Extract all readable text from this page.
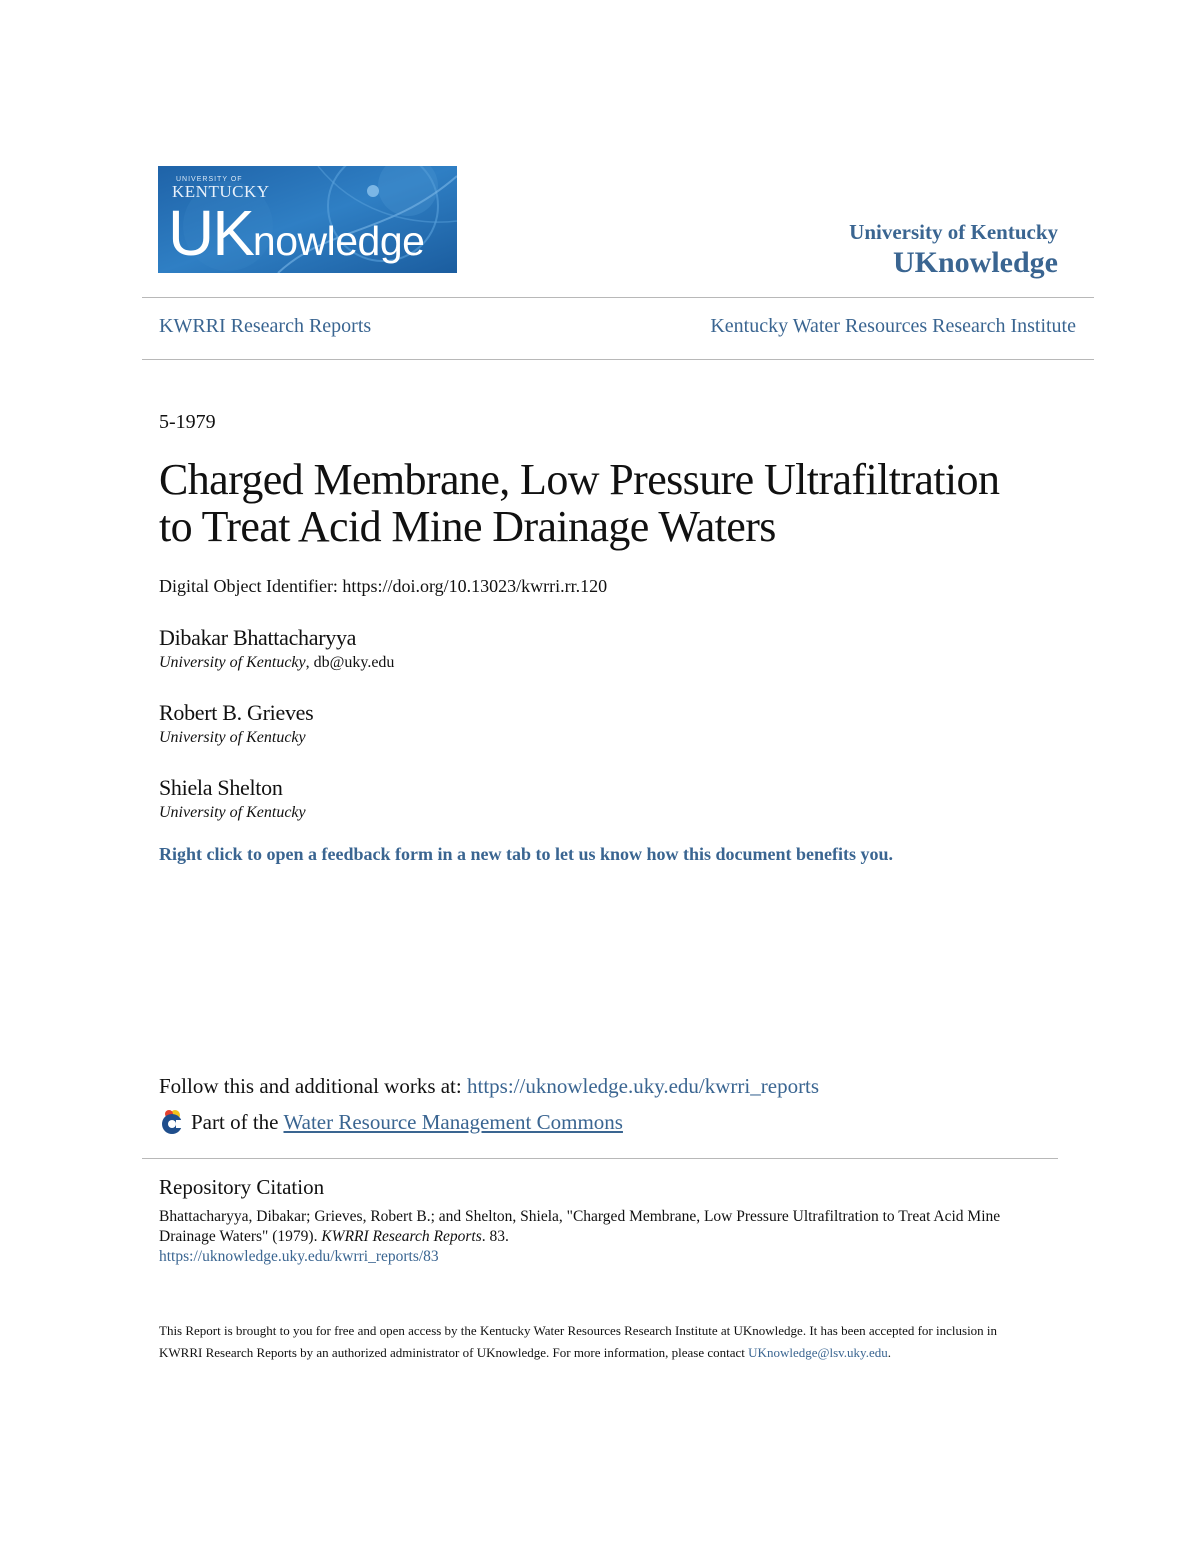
UNIVERSITY OF
KENTUCKY
UKnowledge	University of Kentucky
UKnowledge
KWRRI Research Reports	Kentucky Water Resources Research Institute
5-1979
Charged Membrane, Low Pressure Ultrafiltration
to Treat Acid Mine Drainage Waters
Digital Object Identifier: https://doi.org/10.13023/kwrri.rr.120
Dibakar Bhattacharyya
University of Kentucky, db@uky.edu
Robert B. Grieves
University of Kentucky
Shiela Shelton
University of Kentucky
Right click to open a feedback form in a new tab to let us know how this document benefits you.
Follow this and additional works at: https://uknowledge.uky.edu/kwrri_reports
Part of the Water Resource Management Commons
Repository Citation
Bhattacharyya, Dibakar; Grieves, Robert B.; and Shelton, Shiela, "Charged Membrane, Low Pressure Ultrafiltration to Treat Acid Mine Drainage Waters" (1979). KWRRI Research Reports. 83.
https://uknowledge.uky.edu/kwrri_reports/83
This Report is brought to you for free and open access by the Kentucky Water Resources Research Institute at UKnowledge. It has been accepted for inclusion in KWRRI Research Reports by an authorized administrator of UKnowledge. For more information, please contact UKnowledge@lsv.uky.edu.
